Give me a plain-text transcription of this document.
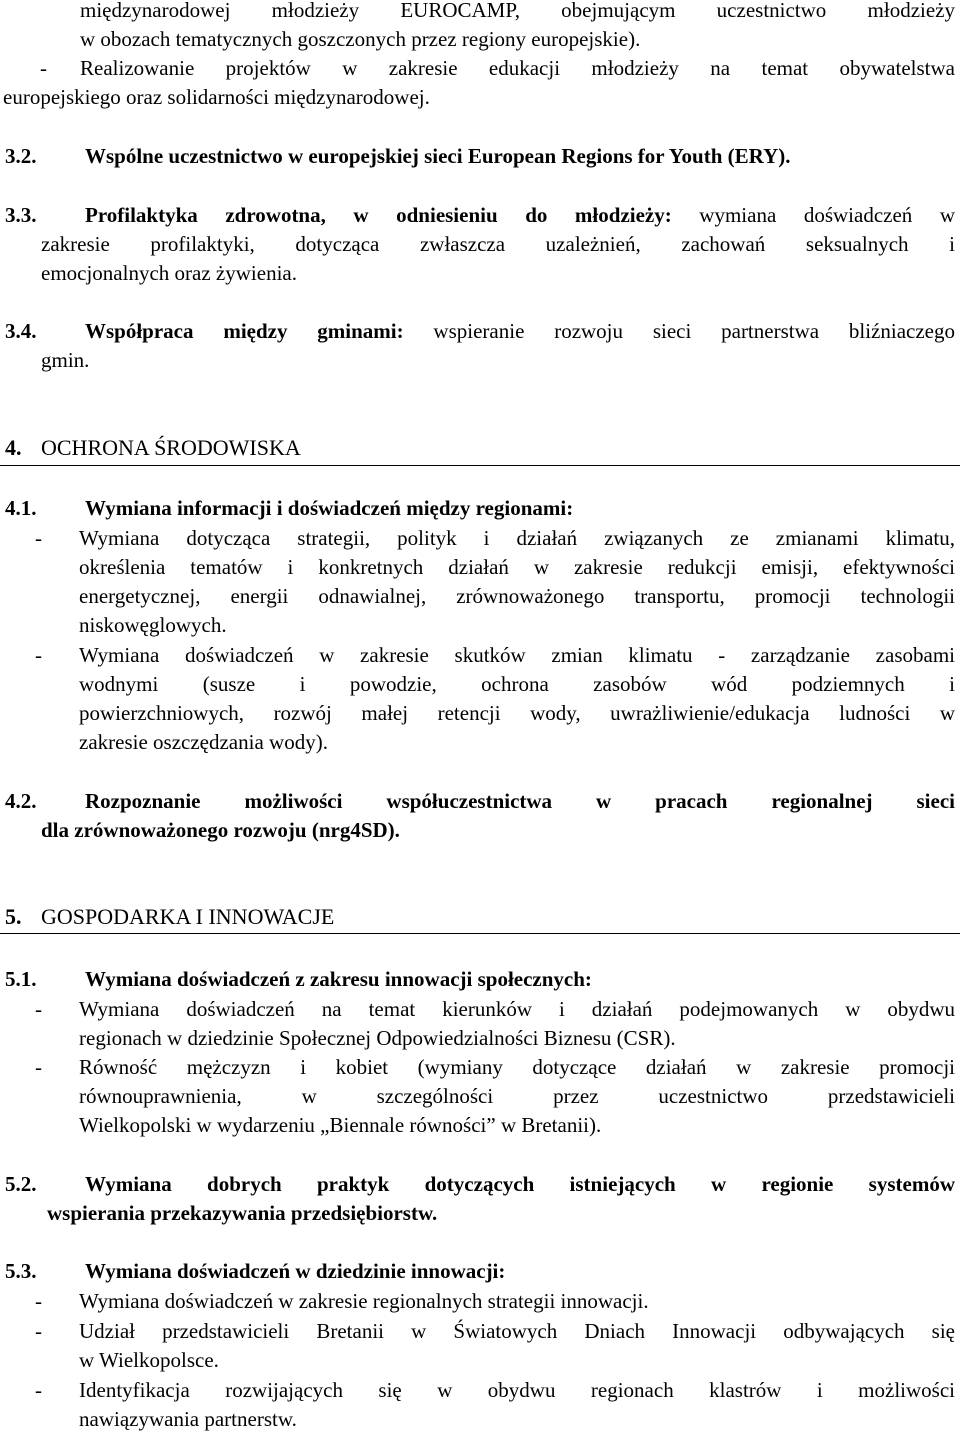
międzynarodowej młodzieży EUROCAMP, obejmującym uczestnictwo młodzieży
w obozach tematycznych goszczonych przez regiony europejskie).
- Realizowanie projektów w zakresie edukacji młodzieży na temat obywatelstwa
europejskiego oraz solidarności międzynarodowej.
3.2. Wspólne uczestnictwo w europejskiej sieci European Regions for Youth (ERY).
3.3. Profilaktyka zdrowotna, w odniesieniu do młodzieży: wymiana doświadczeń w
zakresie profilaktyki, dotycząca zwłaszcza uzależnień, zachowań seksualnych i
emocjonalnych oraz żywienia.
3.4. Współpraca między gminami: wspieranie rozwoju sieci partnerstwa bliźniaczego
gmin.
4. OCHRONA ŚRODOWISKA
4.1. Wymiana informacji i doświadczeń między regionami:
- Wymiana dotycząca strategii, polityk i działań związanych ze zmianami klimatu,
określenia tematów i konkretnych działań w zakresie redukcji emisji, efektywności
energetycznej, energii odnawialnej, zrównoważonego transportu, promocji technologii
niskowęglowych.
- Wymiana doświadczeń w zakresie skutków zmian klimatu - zarządzanie zasobami
wodnymi (susze i powodzie, ochrona zasobów wód podziemnych i
powierzchniowych, rozwój małej retencji wody, uwrażliwienie/edukacja ludności w
zakresie oszczędzania wody).
4.2. Rozpoznanie możliwości współuczestnictwa w pracach regionalnej sieci
dla zrównoważonego rozwoju (nrg4SD).
5. GOSPODARKA I INNOWACJE
5.1. Wymiana doświadczeń z zakresu innowacji społecznych:
- Wymiana doświadczeń na temat kierunków i działań podejmowanych w obydwu
regionach w dziedzinie Społecznej Odpowiedzialności Biznesu (CSR).
- Równość mężczyzn i kobiet (wymiany dotyczące działań w zakresie promocji
równouprawnienia, w szczególności przez uczestnictwo przedstawicieli
Wielkopolski w wydarzeniu „Biennale równości” w Bretanii).
5.2. Wymiana dobrych praktyk dotyczących istniejących w regionie systemów
wspierania przekazywania przedsiębiorstw.
5.3. Wymiana doświadczeń w dziedzinie innowacji:
- Wymiana doświadczeń w zakresie regionalnych strategii innowacji.
- Udział przedstawicieli Bretanii w Światowych Dniach Innowacji odbywających się
w Wielkopolsce.
- Identyfikacja rozwijających się w obydwu regionach klastrów i możliwości
nawiązywania partnerstw.
